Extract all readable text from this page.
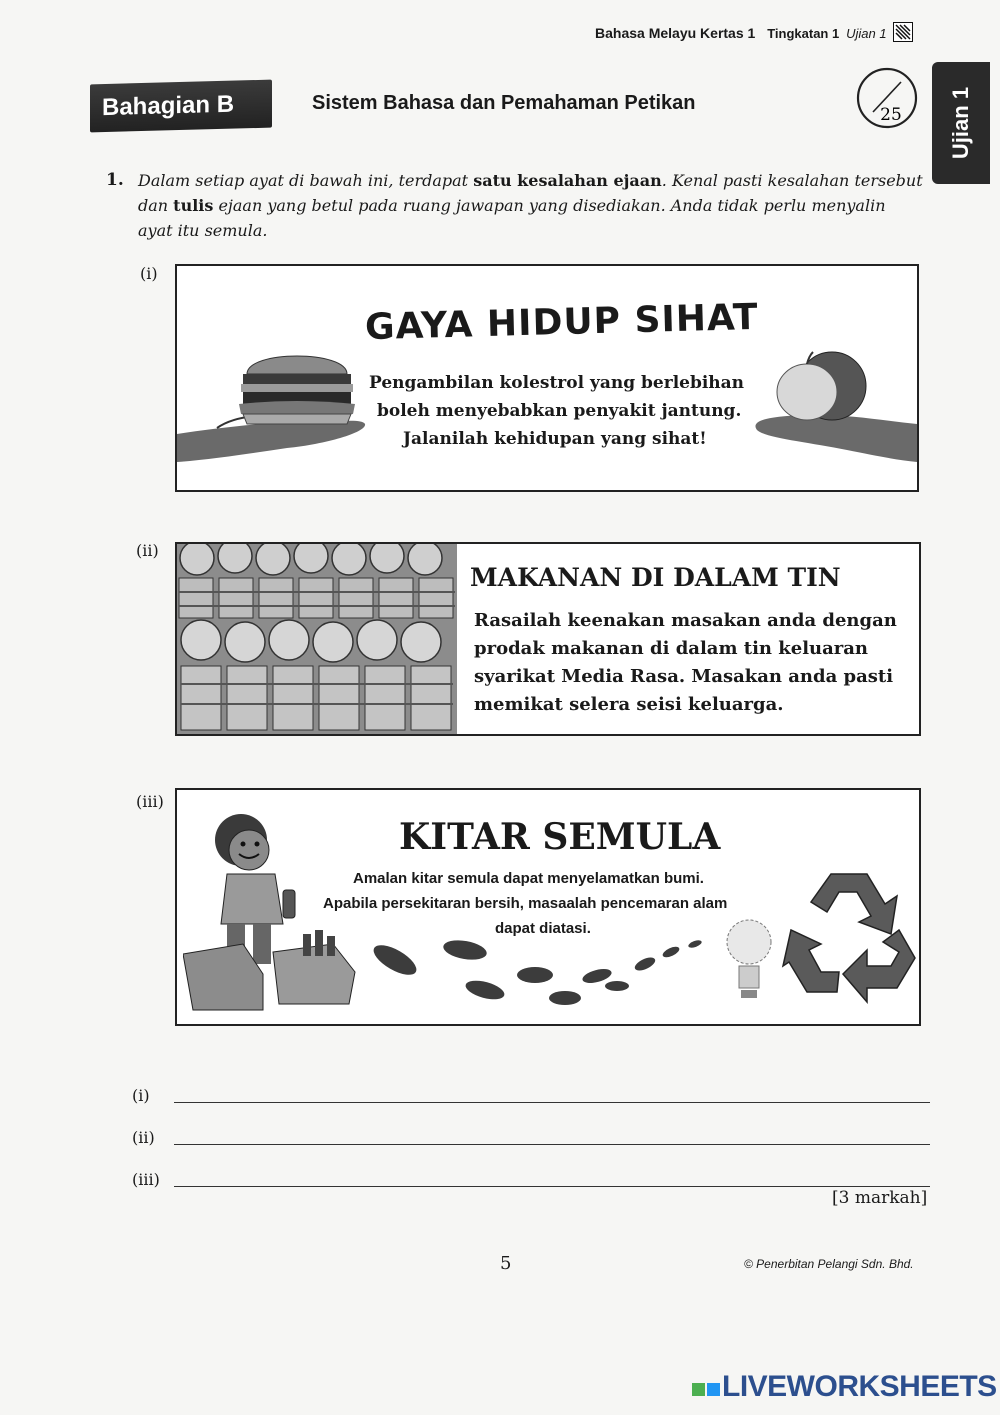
Bahasa Melayu Kertas 1 Tingkatan 1 Ujian 1
Bahagian B	Sistem Bahasa dan Pemahaman Petikan
25 Ujian 1
1. Dalam setiap ayat di bawah ini, terdapat satu kesalahan ejaan. Kenal pasti kesalahan tersebut dan tulis ejaan yang betul pada ruang jawapan yang disediakan. Anda tidak perlu menyalin ayat itu semula.
(i)
GAYA HIDUP SIHAT
Pengambilan kolestrol yang berlebihan
boleh menyebabkan penyakit jantung.
Jalanilah kehidupan yang sihat!
(ii)
MAKANAN DI DALAM TIN
Rasailah keenakan masakan anda dengan
prodak makanan di dalam tin keluaran
syarikat Media Rasa. Masakan anda pasti
memikat selera seisi keluarga.
(iii)
KITAR SEMULA
Amalan kitar semula dapat menyelamatkan bumi.
Apabila persekitaran bersih, masaalah pencemaran alam
dapat diatasi.
(i)
(ii)
(iii)
[3 markah]
5	© Penerbitan Pelangi Sdn. Bhd.
LIVEWORKSHEETS
